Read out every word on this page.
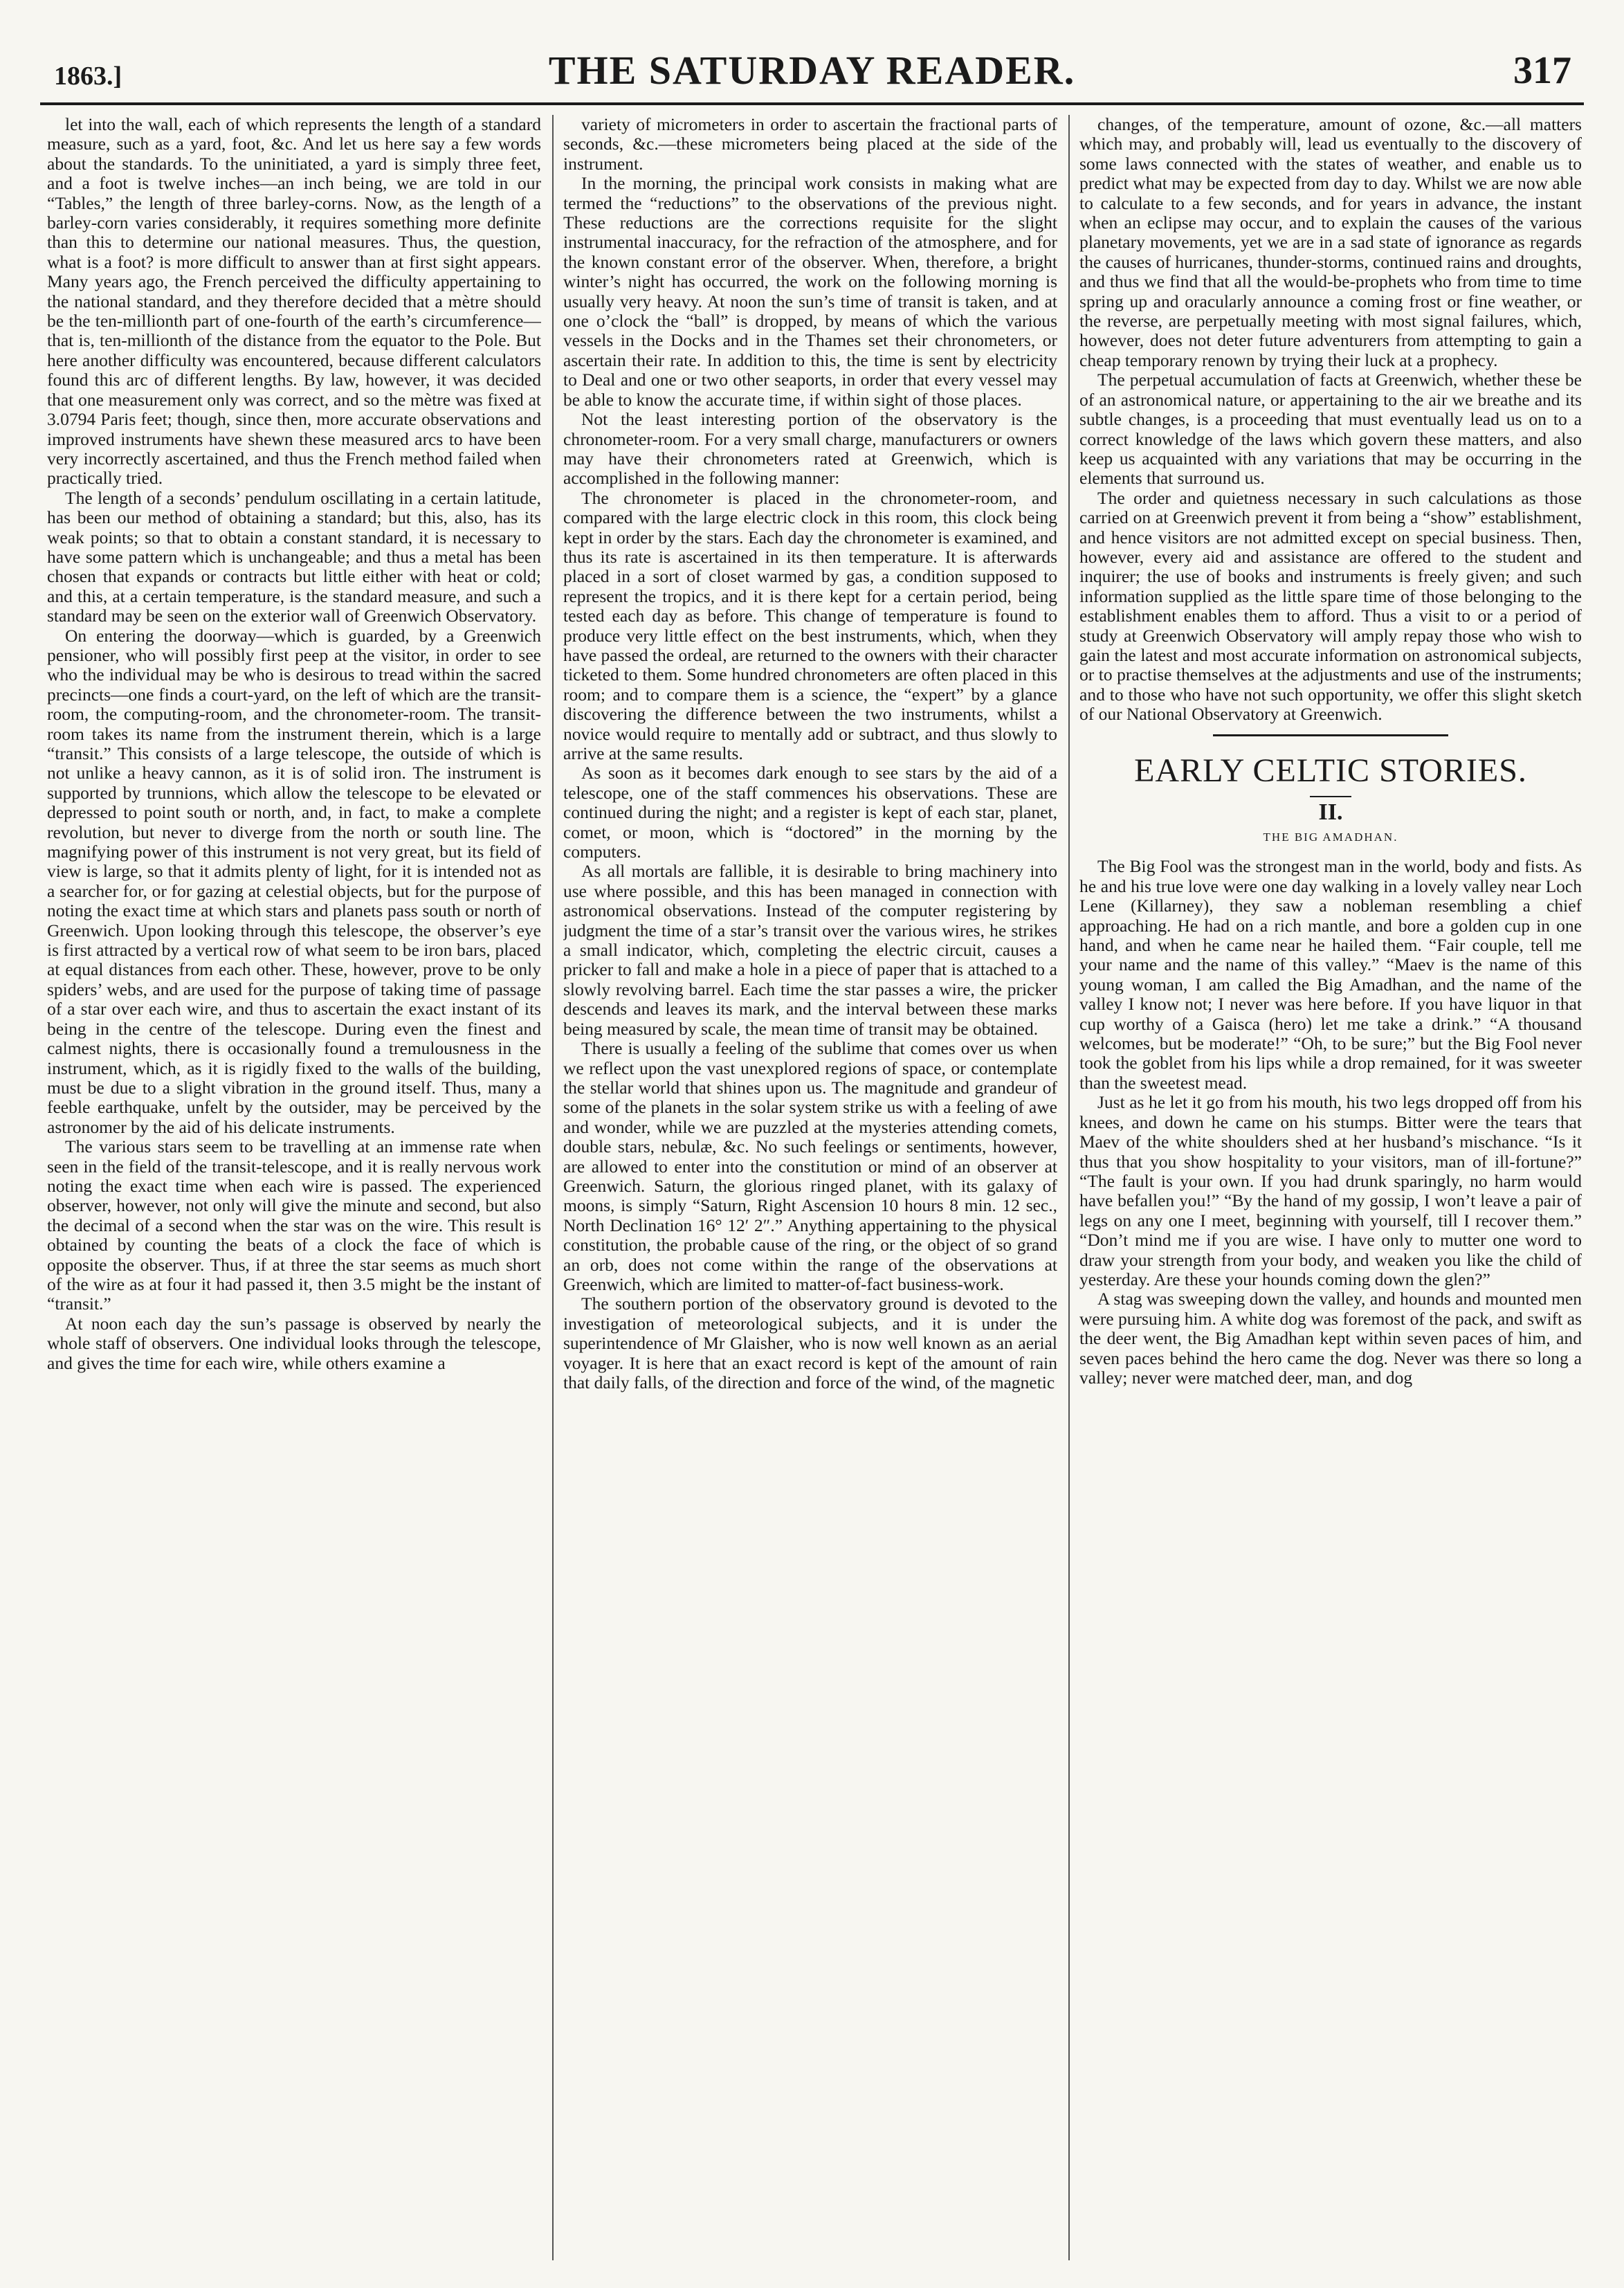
1863.]	THE SATURDAY READER.	317

let into the wall, each of which represents the length of a standard measure, such as a yard, foot, &c. And let us here say a few words about the standards. To the uninitiated, a yard is simply three feet, and a foot is twelve inches—an inch being, we are told in our “Tables,” the length of three barley-corns. Now, as the length of a barley-corn varies considerably, it requires something more definite than this to determine our national measures. Thus, the question, what is a foot? is more difficult to answer than at first sight appears. Many years ago, the French perceived the difficulty appertaining to the national standard, and they therefore decided that a mètre should be the ten-millionth part of one-fourth of the earth’s circumference—that is, ten-millionth of the distance from the equator to the Pole. But here another difficulty was encountered, because different calculators found this arc of different lengths. By law, however, it was decided that one measurement only was correct, and so the mètre was fixed at 3.0794 Paris feet; though, since then, more accurate observations and improved instruments have shewn these measured arcs to have been very incorrectly ascertained, and thus the French method failed when practically tried.

The length of a seconds’ pendulum oscillating in a certain latitude, has been our method of obtaining a standard; but this, also, has its weak points; so that to obtain a constant standard, it is necessary to have some pattern which is unchangeable; and thus a metal has been chosen that expands or contracts but little either with heat or cold; and this, at a certain temperature, is the standard measure, and such a standard may be seen on the exterior wall of Greenwich Observatory.

On entering the doorway—which is guarded, by a Greenwich pensioner, who will possibly first peep at the visitor, in order to see who the individual may be who is desirous to tread within the sacred precincts—one finds a court-yard, on the left of which are the transit-room, the computing-room, and the chronometer-room. The transit-room takes its name from the instrument therein, which is a large “transit.” This consists of a large telescope, the outside of which is not unlike a heavy cannon, as it is of solid iron. The instrument is supported by trunnions, which allow the telescope to be elevated or depressed to point south or north, and, in fact, to make a complete revolution, but never to diverge from the north or south line. The magnifying power of this instrument is not very great, but its field of view is large, so that it admits plenty of light, for it is intended not as a searcher for, or for gazing at celestial objects, but for the purpose of noting the exact time at which stars and planets pass south or north of Greenwich. Upon looking through this telescope, the observer’s eye is first attracted by a vertical row of what seem to be iron bars, placed at equal distances from each other. These, however, prove to be only spiders’ webs, and are used for the purpose of taking time of passage of a star over each wire, and thus to ascertain the exact instant of its being in the centre of the telescope. During even the finest and calmest nights, there is occasionally found a tremulousness in the instrument, which, as it is rigidly fixed to the walls of the building, must be due to a slight vibration in the ground itself. Thus, many a feeble earthquake, unfelt by the outsider, may be perceived by the astronomer by the aid of his delicate instruments.

The various stars seem to be travelling at an immense rate when seen in the field of the transit-telescope, and it is really nervous work noting the exact time when each wire is passed. The experienced observer, however, not only will give the minute and second, but also the decimal of a second when the star was on the wire. This result is obtained by counting the beats of a clock the face of which is opposite the observer. Thus, if at three the star seems as much short of the wire as at four it had passed it, then 3.5 might be the instant of “transit.”

At noon each day the sun’s passage is observed by nearly the whole staff of observers. One individual looks through the telescope, and gives the time for each wire, while others examine a

variety of micrometers in order to ascertain the fractional parts of seconds, &c.—these micrometers being placed at the side of the instrument.

In the morning, the principal work consists in making what are termed the “reductions” to the observations of the previous night. These reductions are the corrections requisite for the slight instrumental inaccuracy, for the refraction of the atmosphere, and for the known constant error of the observer. When, therefore, a bright winter’s night has occurred, the work on the following morning is usually very heavy. At noon the sun’s time of transit is taken, and at one o’clock the “ball” is dropped, by means of which the various vessels in the Docks and in the Thames set their chronometers, or ascertain their rate. In addition to this, the time is sent by electricity to Deal and one or two other seaports, in order that every vessel may be able to know the accurate time, if within sight of those places.

Not the least interesting portion of the observatory is the chronometer-room. For a very small charge, manufacturers or owners may have their chronometers rated at Greenwich, which is accomplished in the following manner:

The chronometer is placed in the chronometer-room, and compared with the large electric clock in this room, this clock being kept in order by the stars. Each day the chronometer is examined, and thus its rate is ascertained in its then temperature. It is afterwards placed in a sort of closet warmed by gas, a condition supposed to represent the tropics, and it is there kept for a certain period, being tested each day as before. This change of temperature is found to produce very little effect on the best instruments, which, when they have passed the ordeal, are returned to the owners with their character ticketed to them. Some hundred chronometers are often placed in this room; and to compare them is a science, the “expert” by a glance discovering the difference between the two instruments, whilst a novice would require to mentally add or subtract, and thus slowly to arrive at the same results.

As soon as it becomes dark enough to see stars by the aid of a telescope, one of the staff commences his observations. These are continued during the night; and a register is kept of each star, planet, comet, or moon, which is “doctored” in the morning by the computers.

As all mortals are fallible, it is desirable to bring machinery into use where possible, and this has been managed in connection with astronomical observations. Instead of the computer registering by judgment the time of a star’s transit over the various wires, he strikes a small indicator, which, completing the electric circuit, causes a pricker to fall and make a hole in a piece of paper that is attached to a slowly revolving barrel. Each time the star passes a wire, the pricker descends and leaves its mark, and the interval between these marks being measured by scale, the mean time of transit may be obtained.

There is usually a feeling of the sublime that comes over us when we reflect upon the vast unexplored regions of space, or contemplate the stellar world that shines upon us. The magnitude and grandeur of some of the planets in the solar system strike us with a feeling of awe and wonder, while we are puzzled at the mysteries attending comets, double stars, nebulæ, &c. No such feelings or sentiments, however, are allowed to enter into the constitution or mind of an observer at Greenwich. Saturn, the glorious ringed planet, with its galaxy of moons, is simply “Saturn, Right Ascension 10 hours 8 min. 12 sec., North Declination 16° 12′ 2″.” Anything appertaining to the physical constitution, the probable cause of the ring, or the object of so grand an orb, does not come within the range of the observations at Greenwich, which are limited to matter-of-fact business-work.

The southern portion of the observatory ground is devoted to the investigation of meteorological subjects, and it is under the superintendence of Mr Glaisher, who is now well known as an aerial voyager. It is here that an exact record is kept of the amount of rain that daily falls, of the direction and force of the wind, of the magnetic

changes, of the temperature, amount of ozone, &c.—all matters which may, and probably will, lead us eventually to the discovery of some laws connected with the states of weather, and enable us to predict what may be expected from day to day. Whilst we are now able to calculate to a few seconds, and for years in advance, the instant when an eclipse may occur, and to explain the causes of the various planetary movements, yet we are in a sad state of ignorance as regards the causes of hurricanes, thunder-storms, continued rains and droughts, and thus we find that all the would-be-prophets who from time to time spring up and oracularly announce a coming frost or fine weather, or the reverse, are perpetually meeting with most signal failures, which, however, does not deter future adventurers from attempting to gain a cheap temporary renown by trying their luck at a prophecy.

The perpetual accumulation of facts at Greenwich, whether these be of an astronomical nature, or appertaining to the air we breathe and its subtle changes, is a proceeding that must eventually lead us on to a correct knowledge of the laws which govern these matters, and also keep us acquainted with any variations that may be occurring in the elements that surround us.

The order and quietness necessary in such calculations as those carried on at Greenwich prevent it from being a “show” establishment, and hence visitors are not admitted except on special business. Then, however, every aid and assistance are offered to the student and inquirer; the use of books and instruments is freely given; and such information supplied as the little spare time of those belonging to the establishment enables them to afford. Thus a visit to or a period of study at Greenwich Observatory will amply repay those who wish to gain the latest and most accurate information on astronomical subjects, or to practise themselves at the adjustments and use of the instruments; and to those who have not such opportunity, we offer this slight sketch of our National Observatory at Greenwich.

EARLY CELTIC STORIES.
II.
THE BIG AMADHAN.

The Big Fool was the strongest man in the world, body and fists. As he and his true love were one day walking in a lovely valley near Loch Lene (Killarney), they saw a nobleman resembling a chief approaching. He had on a rich mantle, and bore a golden cup in one hand, and when he came near he hailed them. “Fair couple, tell me your name and the name of this valley.” “Maev is the name of this young woman, I am called the Big Amadhan, and the name of the valley I know not; I never was here before. If you have liquor in that cup worthy of a Gaisca (hero) let me take a drink.” “A thousand welcomes, but be moderate!” “Oh, to be sure;” but the Big Fool never took the goblet from his lips while a drop remained, for it was sweeter than the sweetest mead.

Just as he let it go from his mouth, his two legs dropped off from his knees, and down he came on his stumps. Bitter were the tears that Maev of the white shoulders shed at her husband’s mischance. “Is it thus that you show hospitality to your visitors, man of ill-fortune?” “The fault is your own. If you had drunk sparingly, no harm would have befallen you!” “By the hand of my gossip, I won’t leave a pair of legs on any one I meet, beginning with yourself, till I recover them.” “Don’t mind me if you are wise. I have only to mutter one word to draw your strength from your body, and weaken you like the child of yesterday. Are these your hounds coming down the glen?”

A stag was sweeping down the valley, and hounds and mounted men were pursuing him. A white dog was foremost of the pack, and swift as the deer went, the Big Amadhan kept within seven paces of him, and seven paces behind the hero came the dog. Never was there so long a valley; never were matched deer, man, and dog
